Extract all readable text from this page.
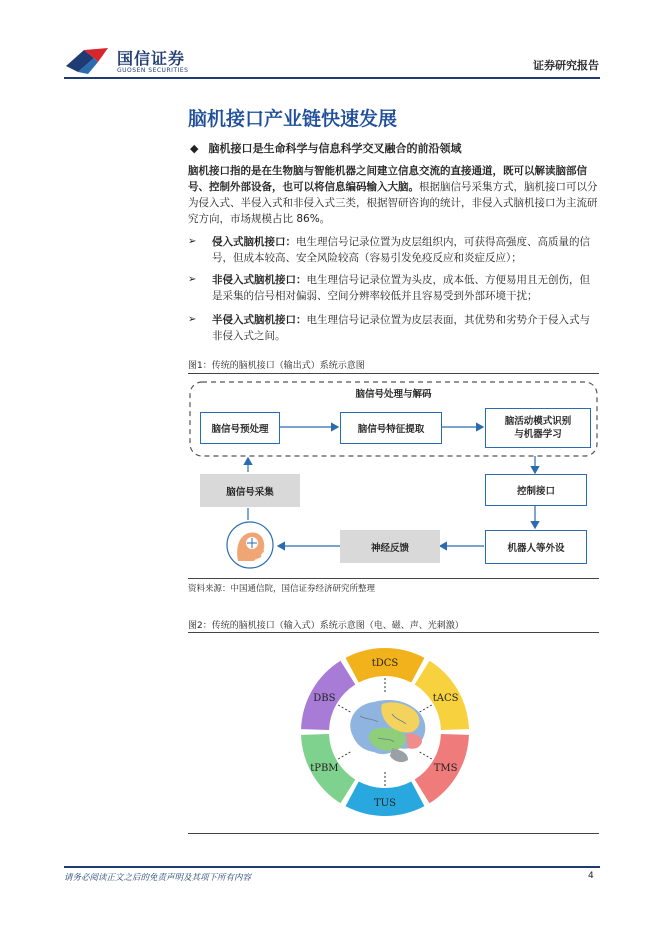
国信证券
GUOSEN SECURITIES	证券研究报告
脑机接口产业链快速发展
◆ 脑机接口是生命科学与信息科学交叉融合的前沿领域
脑机接口指的是在生物脑与智能机器之间建立信息交流的直接通道，既可以解读脑部信号、控制外部设备，也可以将信息编码输入大脑。根据脑信号采集方式，脑机接口可以分为侵入式、半侵入式和非侵入式三类，根据智研咨询的统计，非侵入式脑机接口为主流研究方向，市场规模占比 86%。
➢ 侵入式脑机接口：电生理信号记录位置为皮层组织内，可获得高强度、高质量的信号，但成本较高、安全风险较高（容易引发免疫反应和炎症反应）；
➢ 非侵入式脑机接口：电生理信号记录位置为头皮，成本低、方便易用且无创伤，但是采集的信号相对偏弱、空间分辨率较低并且容易受到外部环境干扰；
➢ 半侵入式脑机接口：电生理信号记录位置为皮层表面，其优势和劣势介于侵入式与非侵入式之间。
图1：传统的脑机接口（输出式）系统示意图
脑信号处理与解码
脑信号预处理	脑信号特征提取
脑活动模式识别
与机器学习
脑信号采集	控制接口
神经反馈	机器人等外设
资料来源：中国通信院，国信证券经济研究所整理
图2：传统的脑机接口（输入式）系统示意图（电、磁、声、光刺激）
tDCS
tACS
TMS
TUS
tPBM
DBS
请务必阅读正文之后的免责声明及其项下所有内容	4
